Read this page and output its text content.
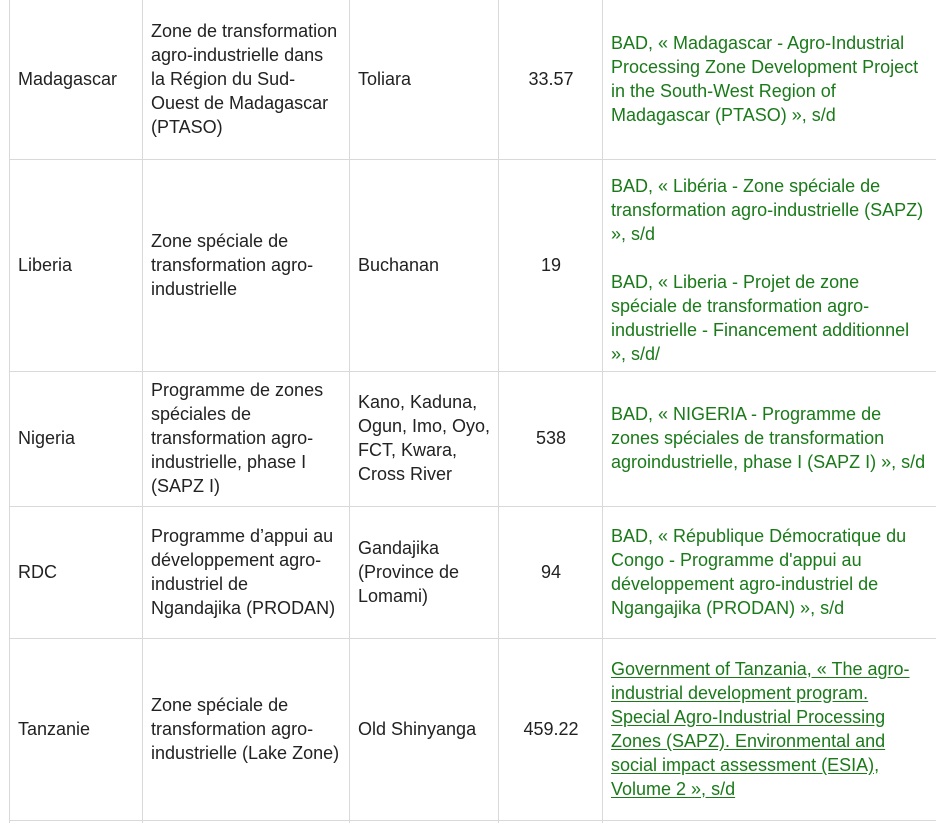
Madagascar	Zone de transformation agro-industrielle dans la Région du Sud-Ouest de Madagascar (PTASO)	Toliara	33.57	BAD, « Madagascar - Agro-Industrial Processing Zone Development Project in the South-West Region of Madagascar (PTASO) », s/d

Liberia	Zone spéciale de transformation agro-industrielle	Buchanan	19	BAD, « Libéria - Zone spéciale de transformation agro-industrielle (SAPZ) », s/d
BAD, « Liberia - Projet de zone spéciale de transformation agro-industrielle - Financement additionnel », s/d/

Nigeria	Programme de zones spéciales de transformation agro-industrielle, phase I (SAPZ I)	Kano, Kaduna, Ogun, Imo, Oyo, FCT, Kwara, Cross River	538	BAD, « NIGERIA - Programme de zones spéciales de transformation agroindustrielle, phase I (SAPZ I) », s/d

RDC	Programme d’appui au développement agro-industriel de Ngandajika (PRODAN)	Gandajika (Province de Lomami)	94	BAD, « République Démocratique du Congo - Programme d'appui au développement agro-industriel de Ngangajika (PRODAN) », s/d

Tanzanie	Zone spéciale de transformation agro-industrielle (Lake Zone)	Old Shinyanga	459.22	Government of Tanzania, « The agro-industrial development program. Special Agro-Industrial Processing Zones (SAPZ). Environmental and social impact assessment (ESIA), Volume 2 », s/d
